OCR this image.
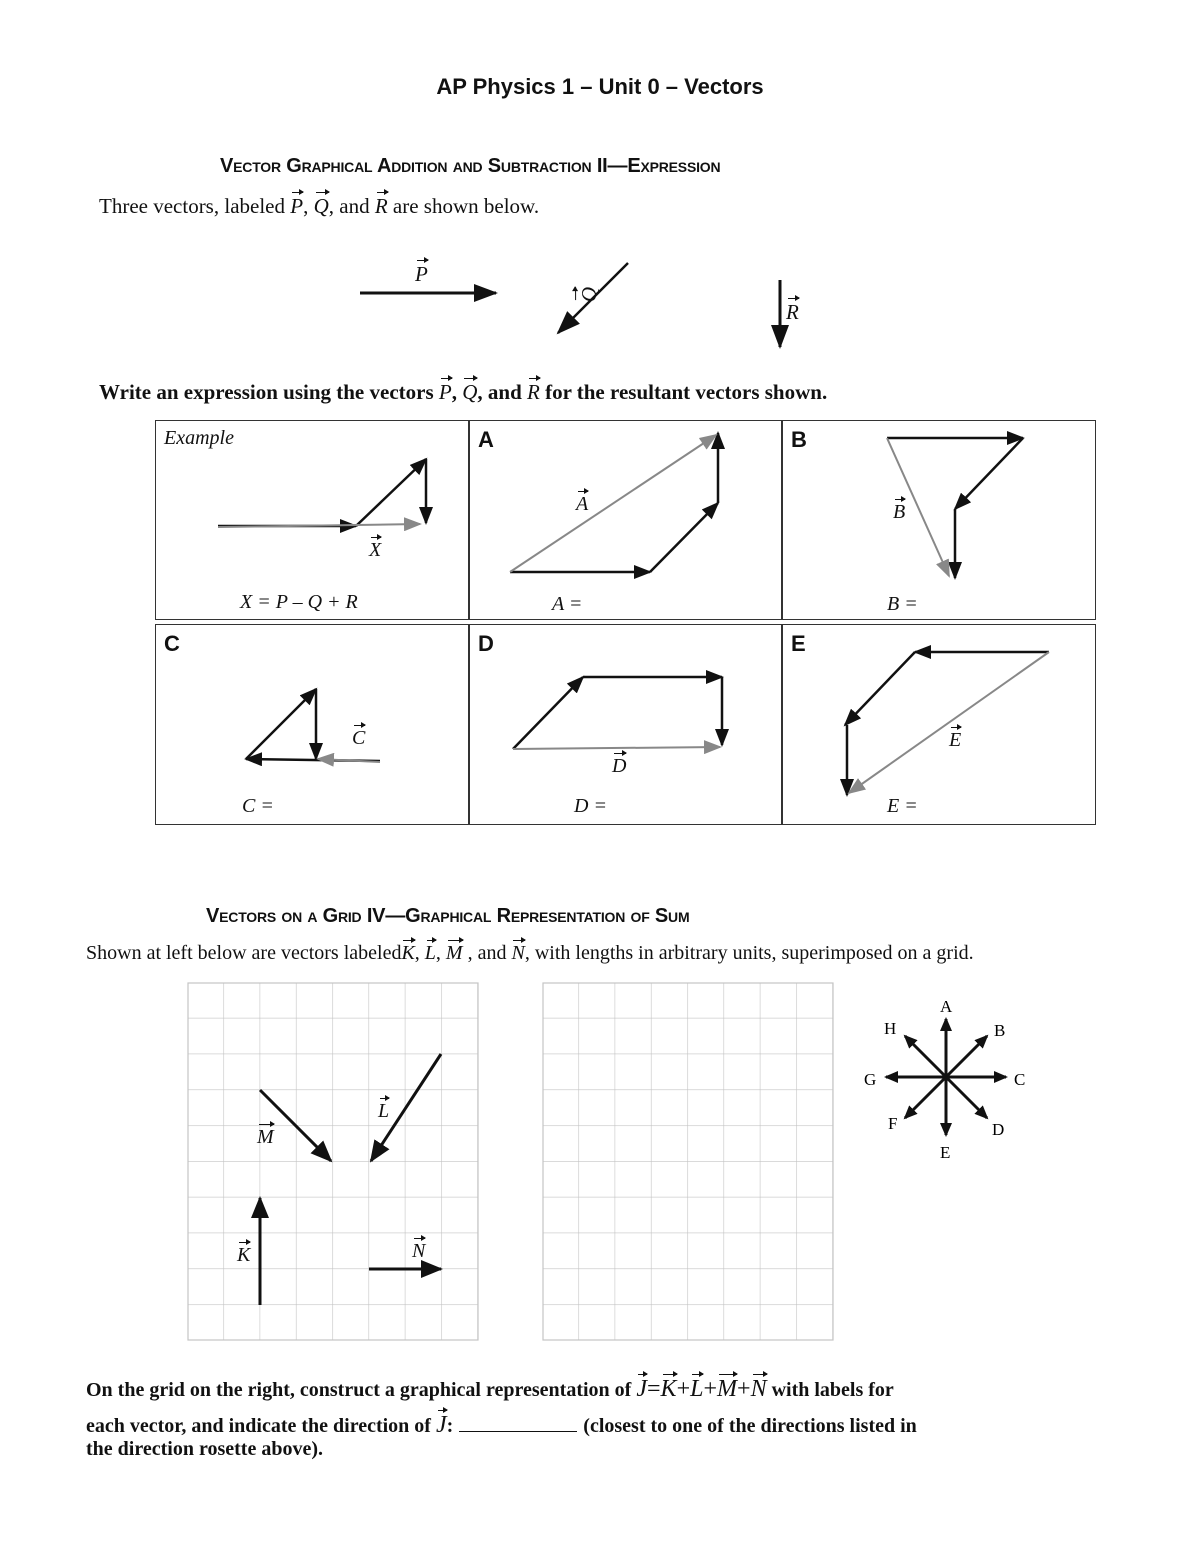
AP Physics 1 – Unit 0 – Vectors
Vector Graphical Addition and Subtraction II—Expression
Three vectors, labeled P, Q, and R are shown below.
P Q R
Write an expression using the vectors P, Q, and R for the resultant vectors shown.
Example
X
X = P – Q + R
A
A
A =
B
B
B =
C
C
C =
D
D
D =
E
E
E =
Vectors on a Grid IV—Graphical Representation of Sum
Shown at left below are vectors labeledK, L, M , and N, with lengths in arbitrary units, superimposed on a grid.
K
M
L
N
A
B
C
D
E
F
G
H
On the grid on the right, construct a graphical representation of J=K+L+M+N with labels for
each vector, and indicate the direction of J:	(closest to one of the directions listed in
the direction rosette above).
